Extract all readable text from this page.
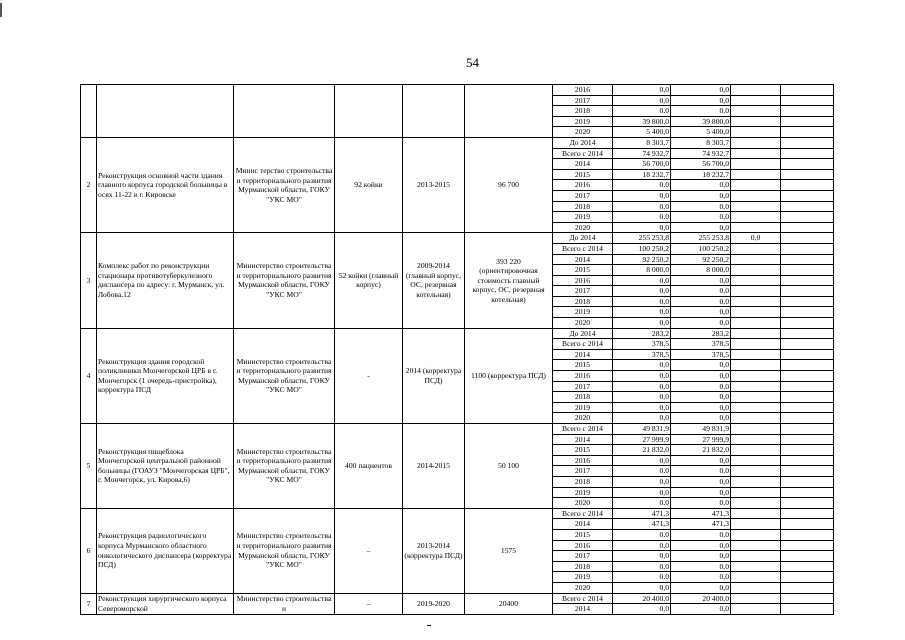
54
						2016	0,0	0,0		
						2017	0,0	0,0		
						2018	0,0	0,0		
						2019	39 800,0	39 800,0		
						2020	5 400,0	5 400,0		
2	Реконструкция основной части здания главного корпуса городской больницы в осях 11-22 в г. Кировске	Минис терство строительства и территориального развития Мурманской области, ГОКУ "УКС МО"	92 койки	2013-2015	96 700	До 2014	8 303,7	8 303,7		
						Всего с 2014	74 932,7	74 932,7		
						2014	56 700,0	56 700,0		
						2015	18 232,7	18 232,7		
						2016	0,0	0,0		
						2017	0,0	0,0		
						2018	0,0	0,0		
						2019	0,0	0,0		
						2020	0,0	0,0		
3	Комплекс работ по реконструкции стационара противотуберкулезного диспансера по адресу: г. Мурманск, ул. Лобова,12	Министерство строительства и территориального развития Мурманской области, ГОКУ "УКС МО"	52 койки (главный корпус)	2009-2014 (главный корпус, ОС, резервная котельная)	393 220 (ориентировочная стоимость главный корпус, ОС, резервная котельная)	До 2014	255 253,8	255 253,8	0,0	
						Всего с 2014	100 250,2	100 250,2		
						2014	92 250,2	92 250,2		
						2015	8 000,0	8 000,0		
						2016	0,0	0,0		
						2017	0,0	0,0		
						2018	0,0	0,0		
						2019	0,0	0,0		
						2020	0,0	0,0		
4	Реконструкция здания городской поликлиники Мончегорской ЦРБ в г. Мончегорск (1 очередь-пристройка), корректура ПСД	Министерство строительства и территориального развития Мурманской области, ГОКУ "УКС МО"	-	2014 (корректура ПСД)	1100 (корректура ПСД)	До 2014	283,2	283,2		
						Всего с 2014	378,5	378,5		
						2014	378,5	378,5		
						2015	0,0	0,0		
						2016	0,0	0,0		
						2017	0,0	0,0		
						2018	0,0	0,0		
						2019	0,0	0,0		
						2020	0,0	0,0		
5	Реконструкция пищеблока Мончегорской центральной районной больницы (ГОАУЗ "Мончегорская ЦРБ", г. Мончегорск, ул. Кирова,6)	Министерство строительства и территориального развития Мурманской области, ГОКУ "УКС МО"	400 пациентов	2014-2015	50 100	Всего с 2014	49 831,9	49 831,9		
						2014	27 999,9	27 999,9		
						2015	21 832,0	21 832,0		
						2016	0,0	0,0		
						2017	0,0	0,0		
						2018	0,0	0,0		
						2019	0,0	0,0		
						2020	0,0	0,0		
6	Реконструкция радиологического корпуса Мурманского областного онкологического диспансера (корректура ПСД)	Министерство строительства и территориального развития Мурманской области, ГОКУ "УКС МО"	–	2013-2014 (корректура ПСД)	1575	Всего с 2014	471,3	471,3		
						2014	471,3	471,3		
						2015	0,0	0,0		
						2016	0,0	0,0		
						2017	0,0	0,0		
						2018	0,0	0,0		
						2019	0,0	0,0		
						2020	0,0	0,0		
7	Реконструкция хирургического корпуса Североморской	Министерство строительства и	–	2019-2020	20400	Всего с 2014	20 400,0	20 400,0		
						2014	0,0	0,0		
